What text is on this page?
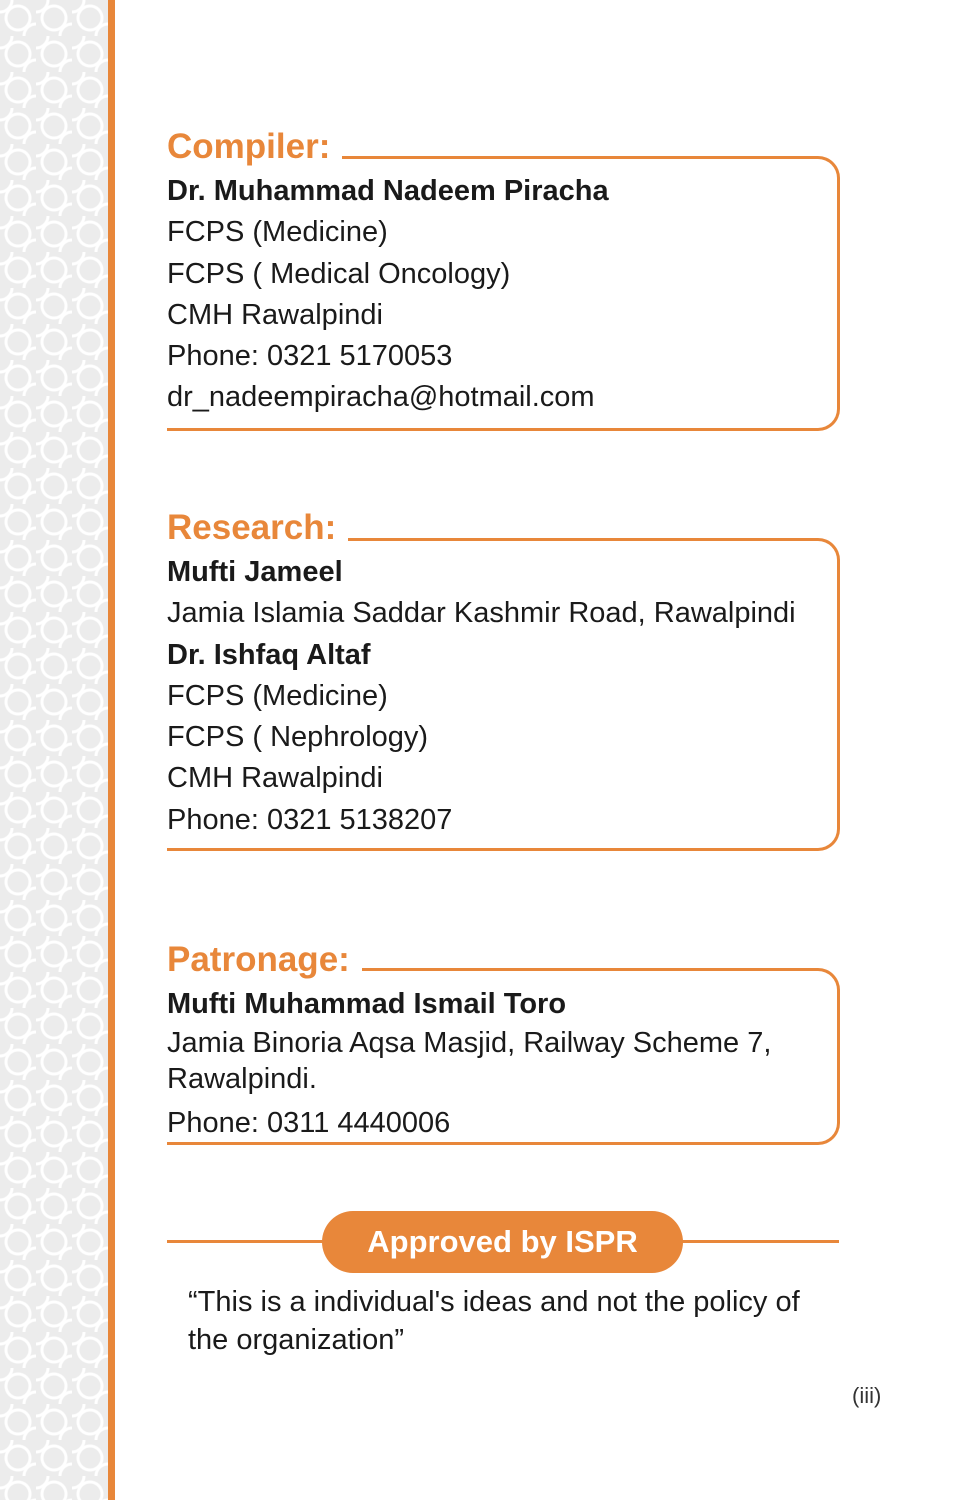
Compiler:
Dr. Muhammad Nadeem Piracha
FCPS (Medicine)
FCPS ( Medical Oncology)
CMH Rawalpindi
Phone: 0321 5170053
dr_nadeempiracha@hotmail.com
Research:
Mufti Jameel
Jamia Islamia Saddar Kashmir Road, Rawalpindi
Dr. Ishfaq Altaf
FCPS (Medicine)
FCPS ( Nephrology)
CMH Rawalpindi
Phone: 0321 5138207
Patronage:
Mufti Muhammad Ismail Toro
Jamia Binoria Aqsa Masjid, Railway Scheme 7,
Rawalpindi.
Phone: 0311 4440006
Approved by ISPR
“This is a individual's ideas and not the policy of the organization”
(iii)
